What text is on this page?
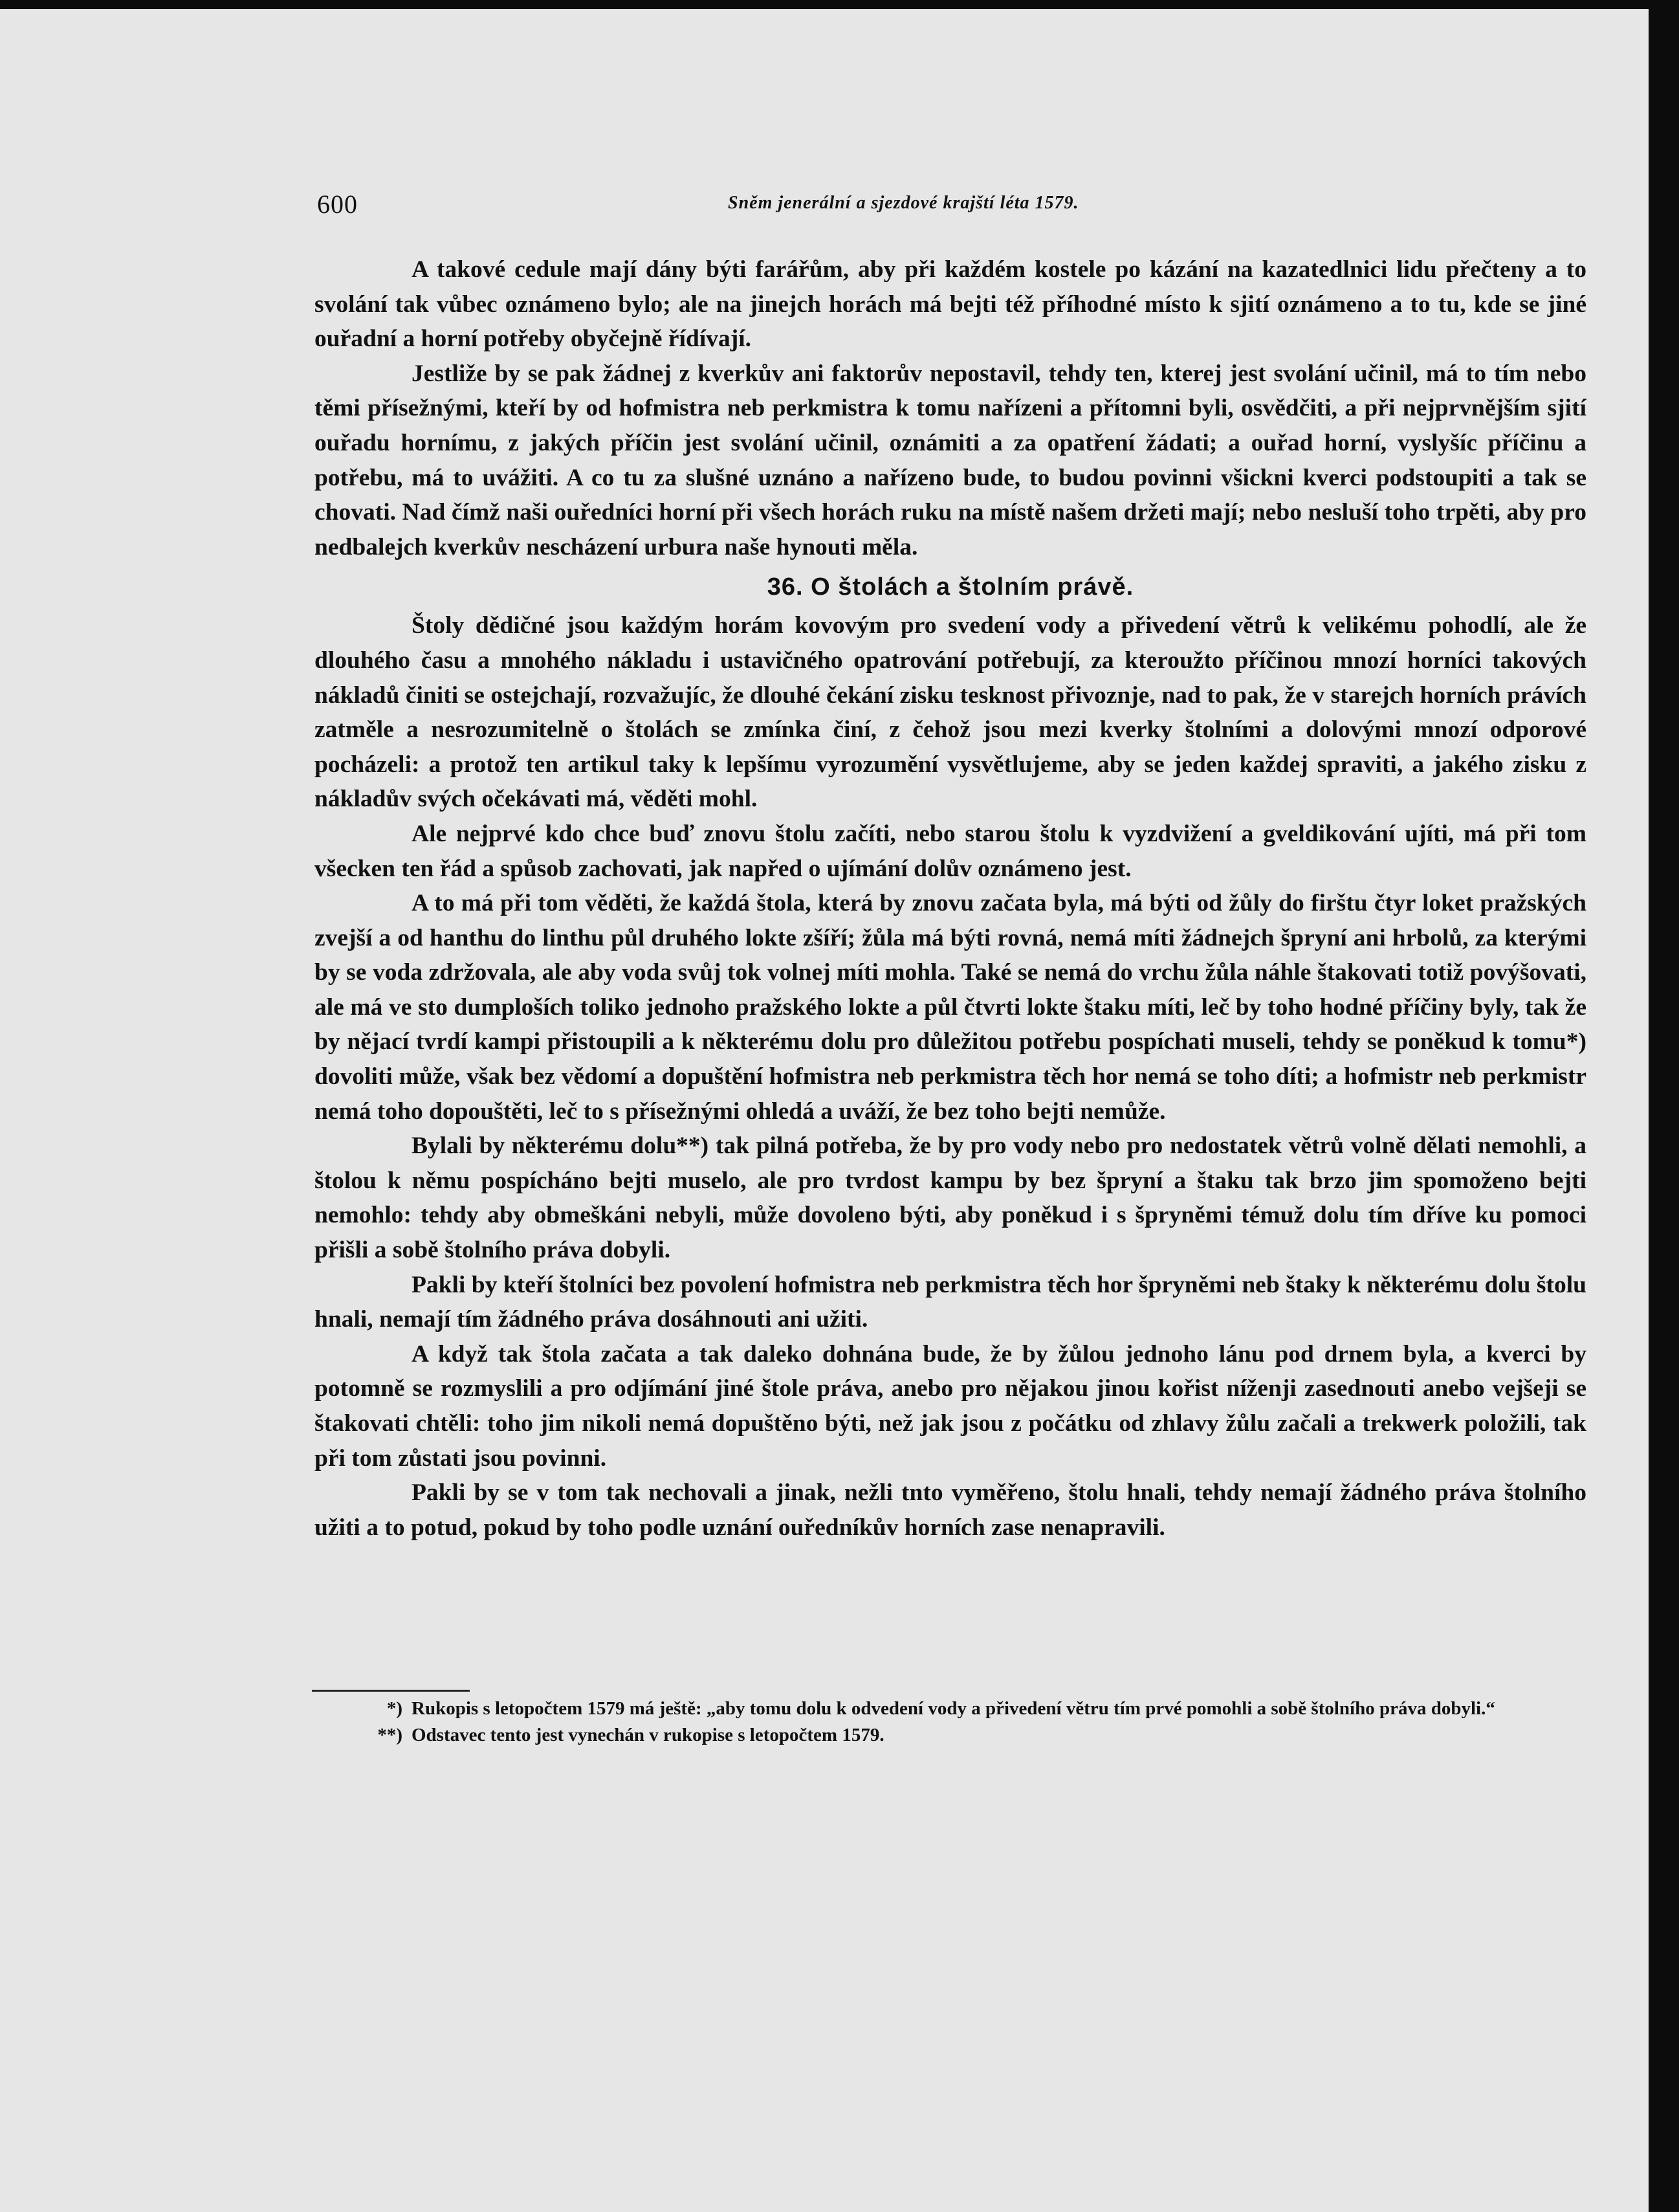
600	Sněm jenerální a sjezdové krajští léta 1579.

A takové cedule mají dány býti farářům, aby při každém kostele po kázání na kazatedlnici lidu přečteny a to svolání tak vůbec oznámeno bylo; ale na jinejch horách má bejti též příhodné místo k sjití oznámeno a to tu, kde se jiné ouřadní a horní potřeby obyčejně řídívají.

Jestliže by se pak žádnej z kverkův ani faktorův nepostavil, tehdy ten, kterej jest svolání učinil, má to tím nebo těmi přísežnými, kteří by od hofmistra neb perkmistra k tomu nařízeni a přítomni byli, osvědčiti, a při nejprvnějším sjití ouřadu hornímu, z jakých příčin jest svolání učinil, oznámiti a za opatření žádati; a ouřad horní, vyslyšíc příčinu a potřebu, má to uvážiti. A co tu za slušné uznáno a nařízeno bude, to budou povinni všickni kverci podstoupiti a tak se chovati. Nad čímž naši ouředníci horní při všech horách ruku na místě našem držeti mají; nebo nesluší toho trpěti, aby pro nedbalejch kverkův nescházení urbura naše hynouti měla.

36. O štolách a štolním právě.

Štoly dědičné jsou každým horám kovovým pro svedení vody a přivedení větrů k velikému pohodlí, ale že dlouhého času a mnohého nákladu i ustavičného opatrování potřebují, za kteroužto příčinou mnozí horníci takových nákladů činiti se ostejchají, rozvažujíc, že dlouhé čekání zisku tesknost přivoznje, nad to pak, že v starejch horních právích zatměle a nesrozumitelně o štolách se zmínka činí, z čehož jsou mezi kverky štolními a dolovými mnozí odporové pocházeli: a protož ten artikul taky k lepšímu vyrozumění vysvětlujeme, aby se jeden každej spraviti, a jakého zisku z nákladův svých očekávati má, věděti mohl.

Ale nejprvé kdo chce buď znovu štolu začíti, nebo starou štolu k vyzdvižení a gveldikování ujíti, má při tom všecken ten řád a spůsob zachovati, jak napřed o ujímání dolův oznámeno jest.

A to má při tom věděti, že každá štola, která by znovu začata byla, má býti od žůly do firštu čtyr loket pražských zvejší a od hanthu do linthu půl druhého lokte zšíří; žůla má býti rovná, nemá míti žádnejch špryní ani hrbolů, za kterými by se voda zdržovala, ale aby voda svůj tok volnej míti mohla. Také se nemá do vrchu žůla náhle štakovati totiž povýšovati, ale má ve sto dumploších toliko jednoho pražského lokte a půl čtvrti lokte štaku míti, leč by toho hodné příčiny byly, tak že by nějací tvrdí kampi přistoupili a k některému dolu pro důležitou potřebu pospíchati museli, tehdy se poněkud k tomu*) dovoliti může, však bez vědomí a dopuštění hofmistra neb perkmistra těch hor nemá se toho díti; a hofmistr neb perkmistr nemá toho dopouštěti, leč to s přísežnými ohledá a uváží, že bez toho bejti nemůže.

Bylali by některému dolu**) tak pilná potřeba, že by pro vody nebo pro nedostatek větrů volně dělati nemohli, a štolou k němu pospícháno bejti muselo, ale pro tvrdost kampu by bez špryní a štaku tak brzo jim spomoženo bejti nemohlo: tehdy aby obmeškáni nebyli, může dovoleno býti, aby poněkud i s špryněmi témuž dolu tím dříve ku pomoci přišli a sobě štolního práva dobyli.

Pakli by kteří štolníci bez povolení hofmistra neb perkmistra těch hor špryněmi neb štaky k některému dolu štolu hnali, nemají tím žádného práva dosáhnouti ani užiti.

A když tak štola začata a tak daleko dohnána bude, že by žůlou jednoho lánu pod drnem byla, a kverci by potomně se rozmyslili a pro odjímání jiné štole práva, anebo pro nějakou jinou kořist níženji zasednouti anebo vejšeji se štakovati chtěli: toho jim nikoli nemá dopuštěno býti, než jak jsou z počátku od zhlavy žůlu začali a trekwerk položili, tak při tom zůstati jsou povinni.

Pakli by se v tom tak nechovali a jinak, nežli tnto vyměřeno, štolu hnali, tehdy nemají žádného práva štolního užiti a to potud, pokud by toho podle uznání ouředníkův horních zase nenapravili.

*) Rukopis s letopočtem 1579 má ještě: „aby tomu dolu k odvedení vody a přivedení větru tím prvé pomohli a sobě štolního práva dobyli.“

**) Odstavec tento jest vynechán v rukopise s letopočtem 1579.
